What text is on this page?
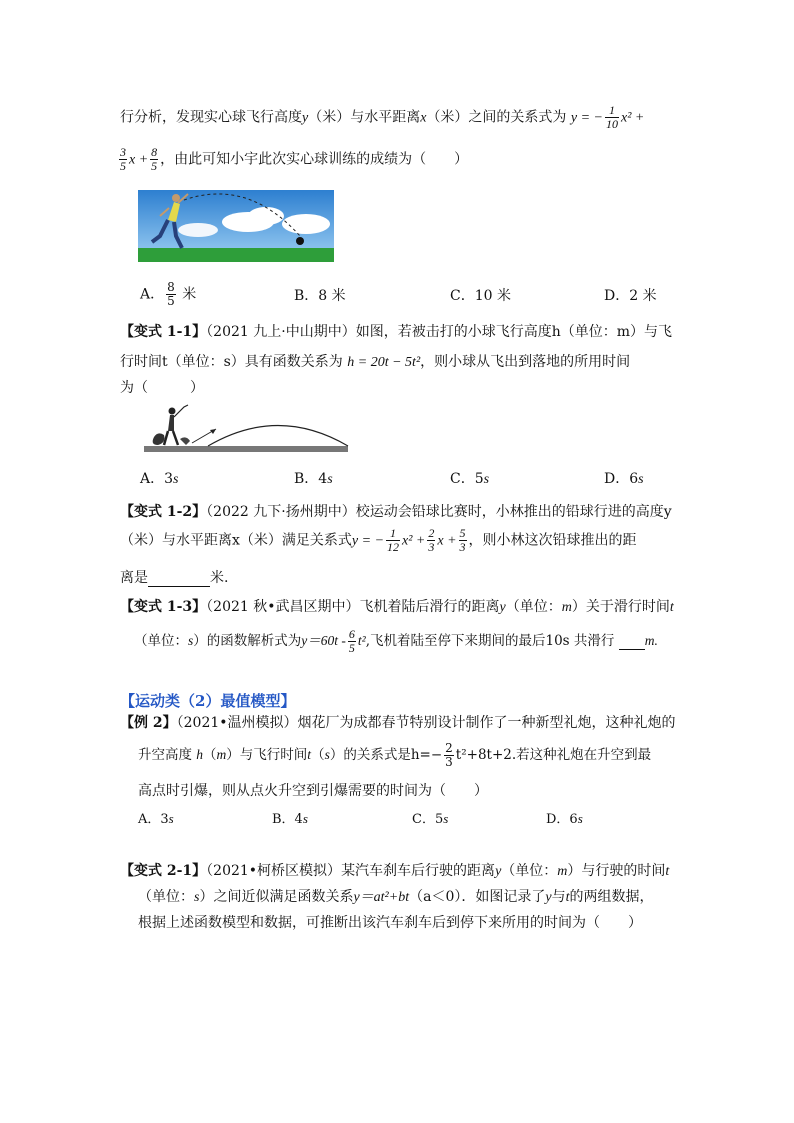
行分析，发现实心球飞行高度y（米）与水平距离x（米）之间的关系式为 y = − $\frac{1}{10} x^2$ +
$\frac{3}{5}$ $x + \frac{8}{5}$ ，由此可知小宇此次实心球训练的成绩为（　　）
A． $\frac{8}{5}$ 米	B．8 米	C．10 米	D．2 米
【变式 1-1】（2021 九上·中山期中）如图，若被击打的小球飞行高度h（单位：m）与飞
行时间t（单位：s）具有函数关系为 h = 20t − 5t²，则小球从飞出到落地的所用时间
为（　　　）
A．3s	B．4s	C．5s	D．6s
【变式 1-2】（2022 九下·扬州期中）校运动会铅球比赛时，小林推出的铅球行进的高度y
（米）与水平距离x（米）满足关系式y = − $\frac{1}{12} x^2 + \frac{2}{3}$ $x + \frac{5}{3}$ ，则小林这次铅球推出的距
离是	米.
【变式 1-3】（2021 秋•武昌区期中）飞机着陆后滑行的距离y（单位：m）关于滑行时间t
（单位：s）的函数解析式为$y=60t - \frac{6}{5} t^2$,飞机着陆至停下来期间的最后10s 共滑行 m.
【运动类（2）最值模型】
【例 2】（2021•温州模拟）烟花厂为成都春节特别设计制作了一种新型礼炮，这种礼炮的
升空高度 h（m）与飞行时间t（s）的关系式是$h=- \frac{2}{3} t^2+8t+2$.若这种礼炮在升空到最
高点时引爆，则从点火升空到引爆需要的时间为（　　）
A．3s	B．4s	C．5s	D．6s
【变式 2-1】（2021•柯桥区模拟）某汽车刹车后行驶的距离y（单位：m）与行驶的时间t
（单位：s）之间近似满足函数关系y＝at²+bt（a＜0）．如图记录了y与t的两组数据，
根据上述函数模型和数据，可推断出该汽车刹车后到停下来所用的时间为（　　）
